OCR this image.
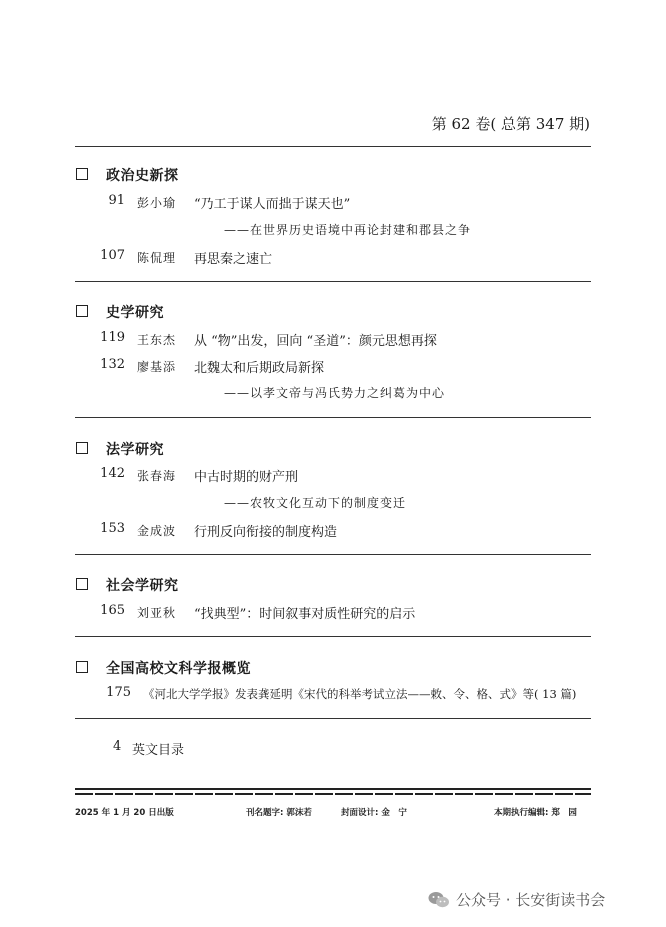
第 62 卷( 总第 347 期)
政治史新探
91 彭小瑜 “乃工于谋人而拙于谋天也”
——在世界历史语境中再论封建和郡县之争
107 陈侃理 再思秦之速亡
史学研究
119 王东杰 从 “物”出发，回向 “圣道”：颜元思想再探
132 廖基添 北魏太和后期政局新探
——以孝文帝与冯氏势力之纠葛为中心
法学研究
142 张春海 中古时期的财产刑
——农牧文化互动下的制度变迁
153 金成波 行刑反向衔接的制度构造
社会学研究
165 刘亚秋 “找典型”：时间叙事对质性研究的启示
全国高校文科学报概览
175 《河北大学学报》发表龚延明《宋代的科举考试立法——敕、令、格、式》等( 13 篇)
4 英文目录
2025 年 1 月 20 日出版	刊名题字: 郭沫若	封面设计: 金　宁	本期执行编辑: 郑　园
公众号 · 长安街读书会
